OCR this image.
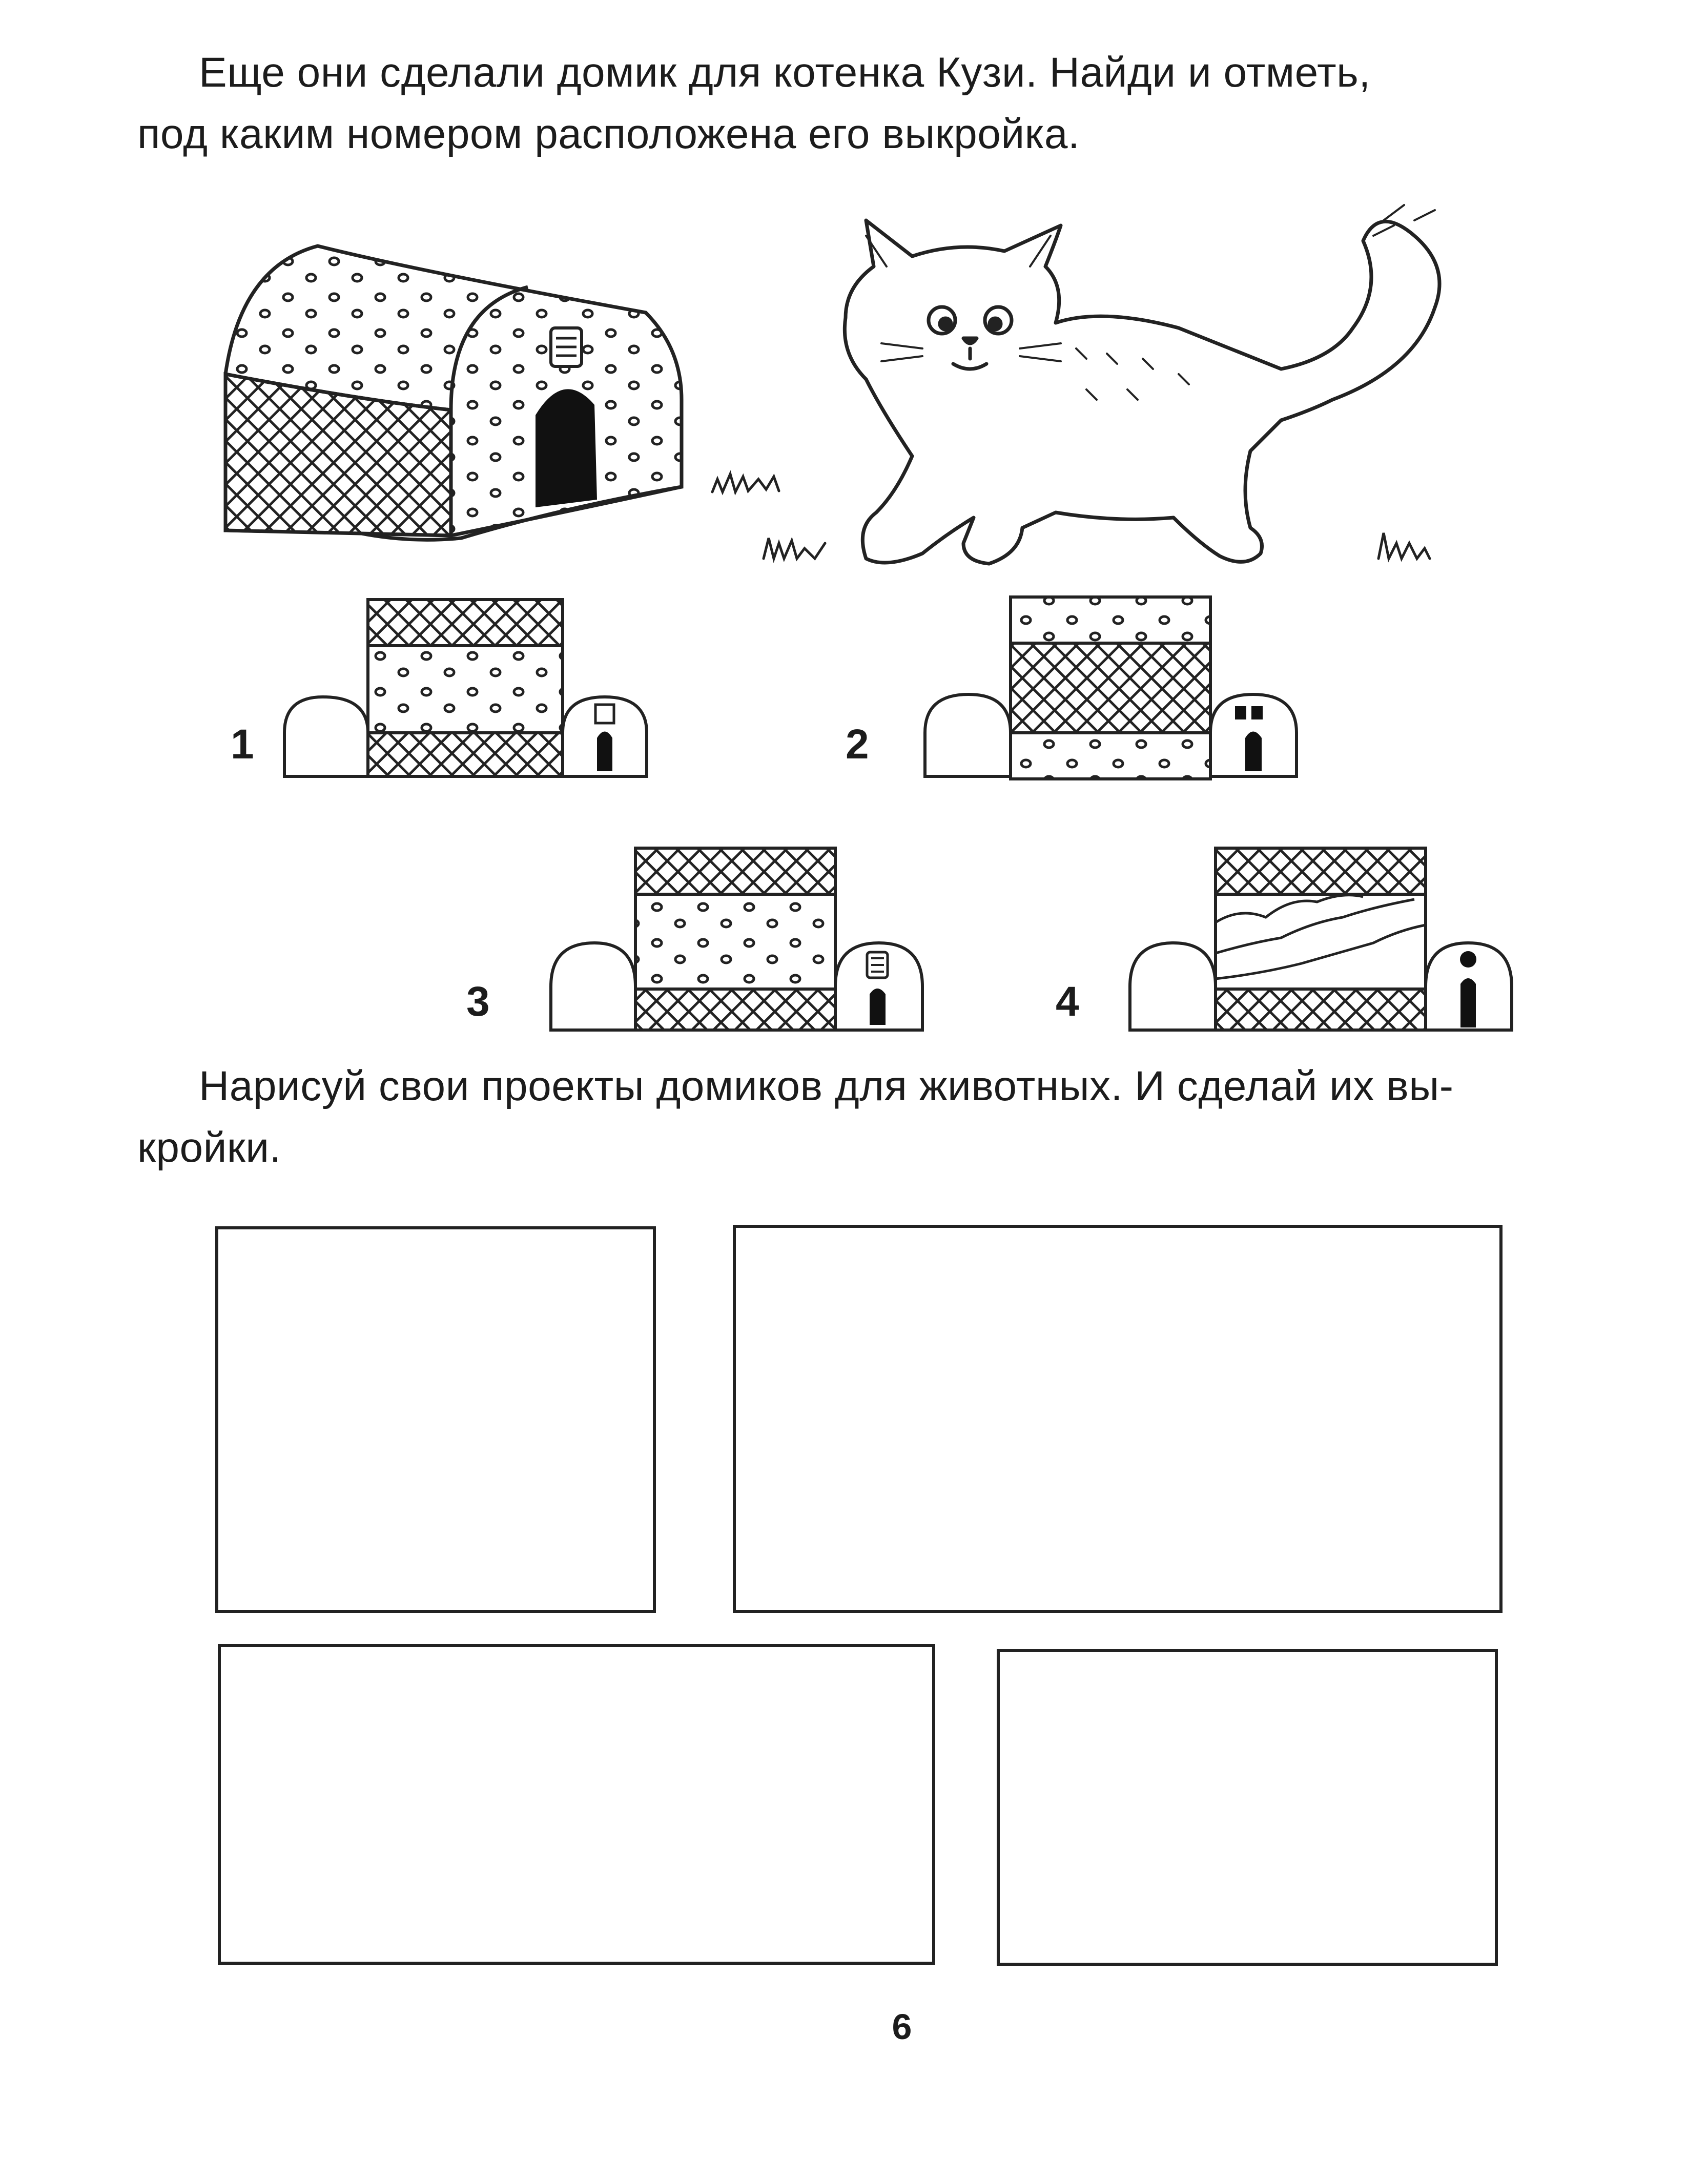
Еще они сделали домик для котенка Кузи. Найди и отметь,
под каким номером расположена его выкройка.
1	2
3	4
Нарисуй свои проекты домиков для животных. И сделай их вы-
кройки.
6
